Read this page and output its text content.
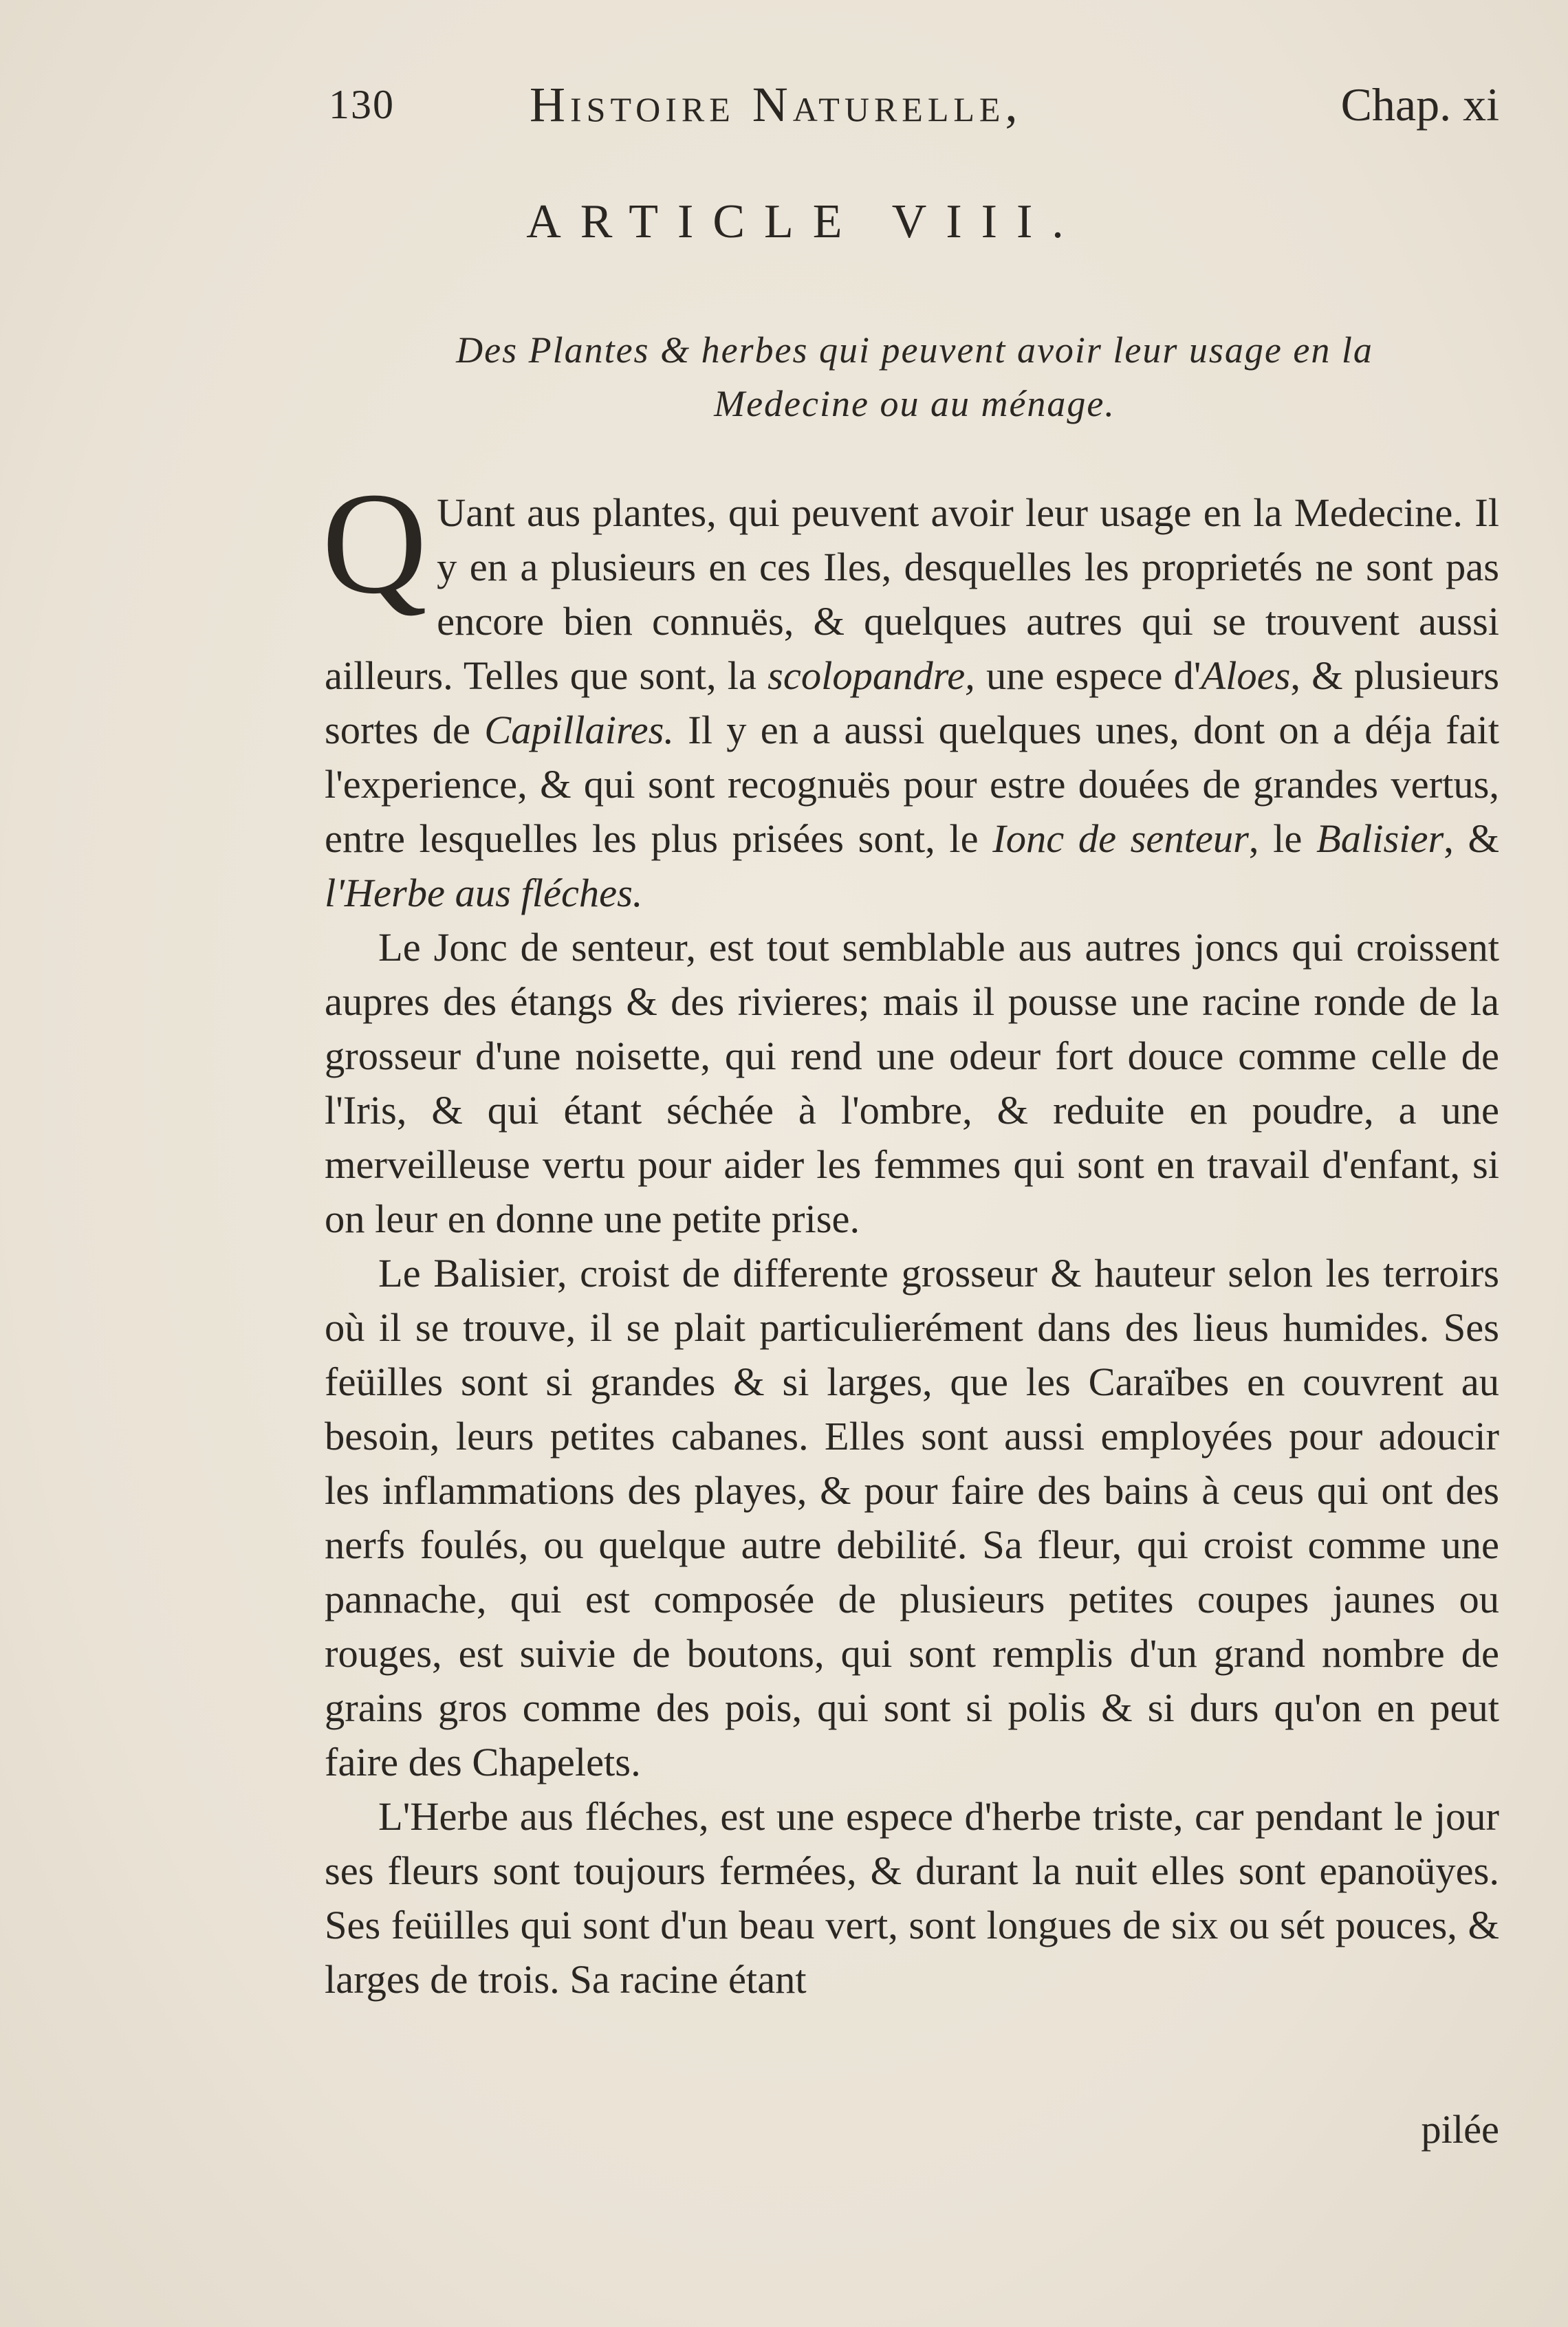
130	Histoire Naturelle,	Chap. xi
ARTICLE VIII.
Des Plantes & herbes qui peuvent avoir leur usage en la
Medecine ou au ménage.

Q Uant aus plantes, qui peuvent avoir leur usage en la Medecine. Il y en a plusieurs en ces Iles, desquelles les proprietés ne sont pas encore bien connuës, & quelques autres qui se trouvent aussi ailleurs. Telles que sont, la scolopandre, une espece d'Aloes, & plusieurs sortes de Capillaires. Il y en a aussi quelques unes, dont on a déja fait l'experience, & qui sont recognuës pour estre douées de grandes vertus, entre lesquelles les plus prisées sont, le Ionc de senteur, le Balisier, & l'Herbe aus fléches.

Le Jonc de senteur, est tout semblable aus autres joncs qui croissent aupres des étangs & des rivieres; mais il pousse une racine ronde de la grosseur d'une noisette, qui rend une odeur fort douce comme celle de l'Iris, & qui étant séchée à l'ombre, & reduite en poudre, a une merveilleuse vertu pour aider les femmes qui sont en travail d'enfant, si on leur en donne une petite prise.

Le Balisier, croist de differente grosseur & hauteur selon les terroirs où il se trouve, il se plait particulierément dans des lieus humides. Ses feüilles sont si grandes & si larges, que les Caraïbes en couvrent au besoin, leurs petites cabanes. Elles sont aussi employées pour adoucir les inflammations des playes, & pour faire des bains à ceus qui ont des nerfs foulés, ou quelque autre debilité. Sa fleur, qui croist comme une pannache, qui est composée de plusieurs petites coupes jaunes ou rouges, est suivie de boutons, qui sont remplis d'un grand nombre de grains gros comme des pois, qui sont si polis & si durs qu'on en peut faire des Chapelets.

L'Herbe aus fléches, est une espece d'herbe triste, car pendant le jour ses fleurs sont toujours fermées, & durant la nuit elles sont epanoüyes. Ses feüilles qui sont d'un beau vert, sont longues de six ou sét pouces, & larges de trois. Sa racine étant

pilée
